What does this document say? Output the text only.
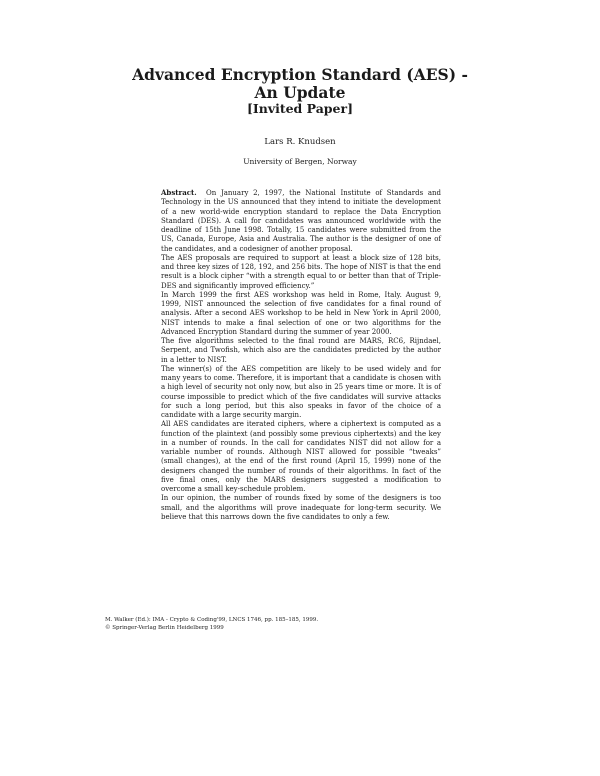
Advanced Encryption Standard (AES) -
An Update
[Invited Paper]
Lars R. Knudsen
University of Bergen, Norway

Abstract. On January 2, 1997, the National Institute of Standards and Technology in the US announced that they intend to initiate the development of a new world-wide encryption standard to replace the Data Encryption Standard (DES). A call for candidates was announced worldwide with the deadline of 15th June 1998. Totally, 15 candidates were submitted from the US, Canada, Europe, Asia and Australia. The author is the designer of one of the candidates, and a codesigner of another proposal.

The AES proposals are required to support at least a block size of 128 bits, and three key sizes of 128, 192, and 256 bits. The hope of NIST is that the end result is a block cipher “with a strength equal to or better than that of Triple-DES and significantly improved efficiency.”

In March 1999 the first AES workshop was held in Rome, Italy. August 9, 1999, NIST announced the selection of five candidates for a final round of analysis. After a second AES workshop to be held in New York in April 2000, NIST intends to make a final selection of one or two algorithms for the Advanced Encryption Standard during the summer of year 2000.

The five algorithms selected to the final round are MARS, RC6, Rijndael, Serpent, and Twofish, which also are the candidates predicted by the author in a letter to NIST.

The winner(s) of the AES competition are likely to be used widely and for many years to come. Therefore, it is important that a candidate is chosen with a high level of security not only now, but also in 25 years time or more. It is of course impossible to predict which of the five candidates will survive attacks for such a long period, but this also speaks in favor of the choice of a candidate with a large security margin.

All AES candidates are iterated ciphers, where a ciphertext is computed as a function of the plaintext (and possibly some previous ciphertexts) and the key in a number of rounds. In the call for candidates NIST did not allow for a variable number of rounds. Although NIST allowed for possible “tweaks” (small changes), at the end of the first round (April 15, 1999) none of the designers changed the number of rounds of their algorithms. In fact of the five final ones, only the MARS designers suggested a modification to overcome a small key-schedule problem.

In our opinion, the number of rounds fixed by some of the designers is too small, and the algorithms will prove inadequate for long-term security. We believe that this narrows down the five candidates to only a few.

M. Walker (Ed.): IMA - Crypto & Coding'99, LNCS 1746, pp. 185–185, 1999.
© Springer-Verlag Berlin Heidelberg 1999
